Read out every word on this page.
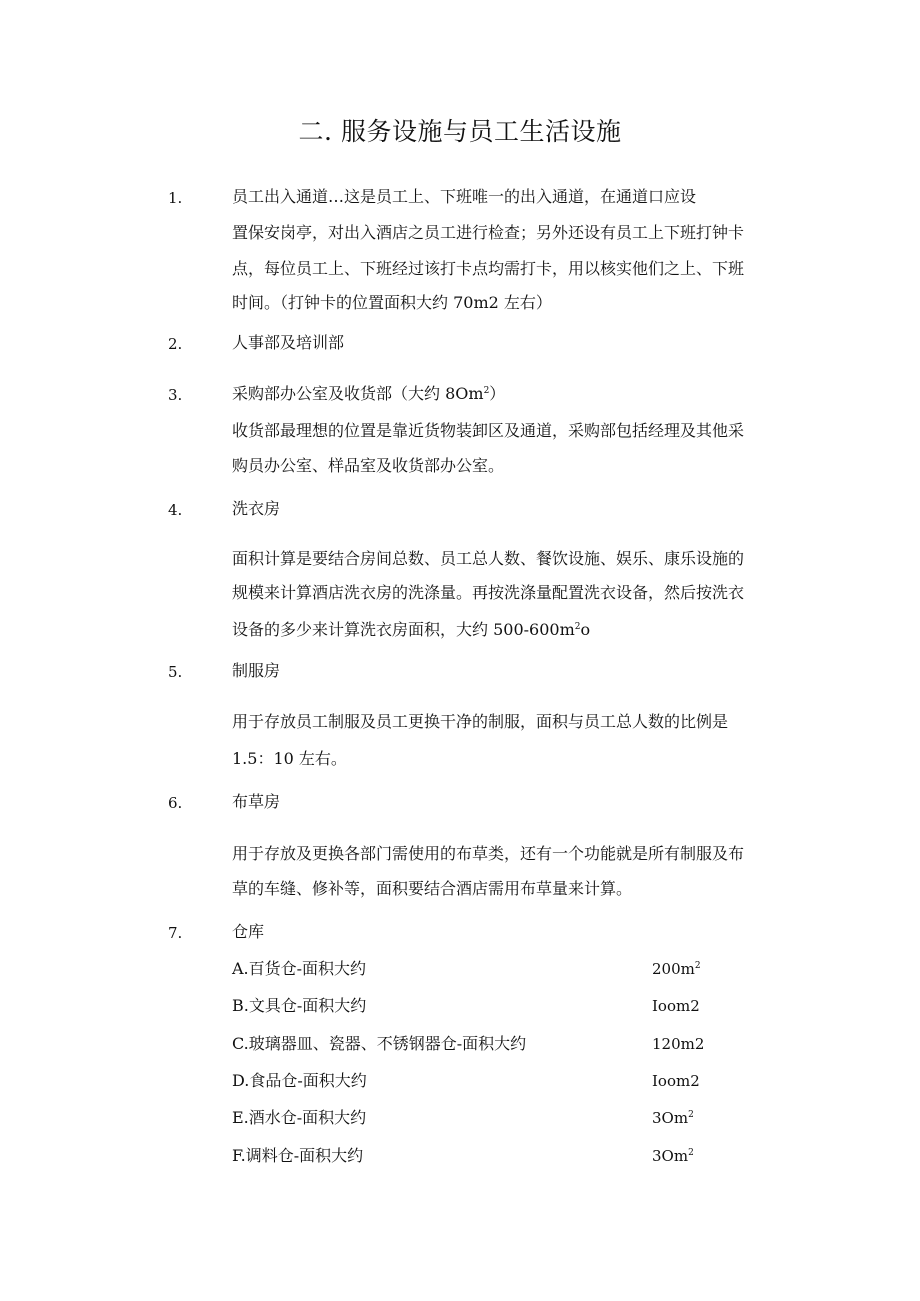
二. 服务设施与员工生活设施
1.	员工出入通道…这是员工上、下班唯一的出入通道，在通道口应设
置保安岗亭，对出入酒店之员工进行检查；另外还设有员工上下班打钟卡
点，每位员工上、下班经过该打卡点均需打卡，用以核实他们之上、下班
时间。（打钟卡的位置面积大约 70m2 左右）
2.	人事部及培训部
3.	采购部办公室及收货部（大约 8Om$^2$）
收货部最理想的位置是靠近货物装卸区及通道，采购部包括经理及其他采
购员办公室、样品室及收货部办公室。
4.	洗衣房
面积计算是要结合房间总数、员工总人数、餐饮设施、娱乐、康乐设施的
规模来计算酒店洗衣房的洗涤量。再按洗涤量配置洗衣设备，然后按洗衣
设备的多少来计算洗衣房面积，大约 $500-600m^2o$
5.	制服房
用于存放员工制服及员工更换干净的制服，面积与员工总人数的比例是
1.5：10 左右。
6.	布草房
用于存放及更换各部门需使用的布草类，还有一个功能就是所有制服及布
草的车缝、修补等，面积要结合酒店需用布草量来计算。
7.	仓库
A.百货仓-面积大约	$200m^2$
B.文具仓-面积大约	Ioom2
C.玻璃器皿、瓷器、不锈钢器仓-面积大约	120m2
D.食品仓-面积大约	Ioom2
E.酒水仓-面积大约	3Om$^2$
F.调料仓-面积大约	3Om$^2$
